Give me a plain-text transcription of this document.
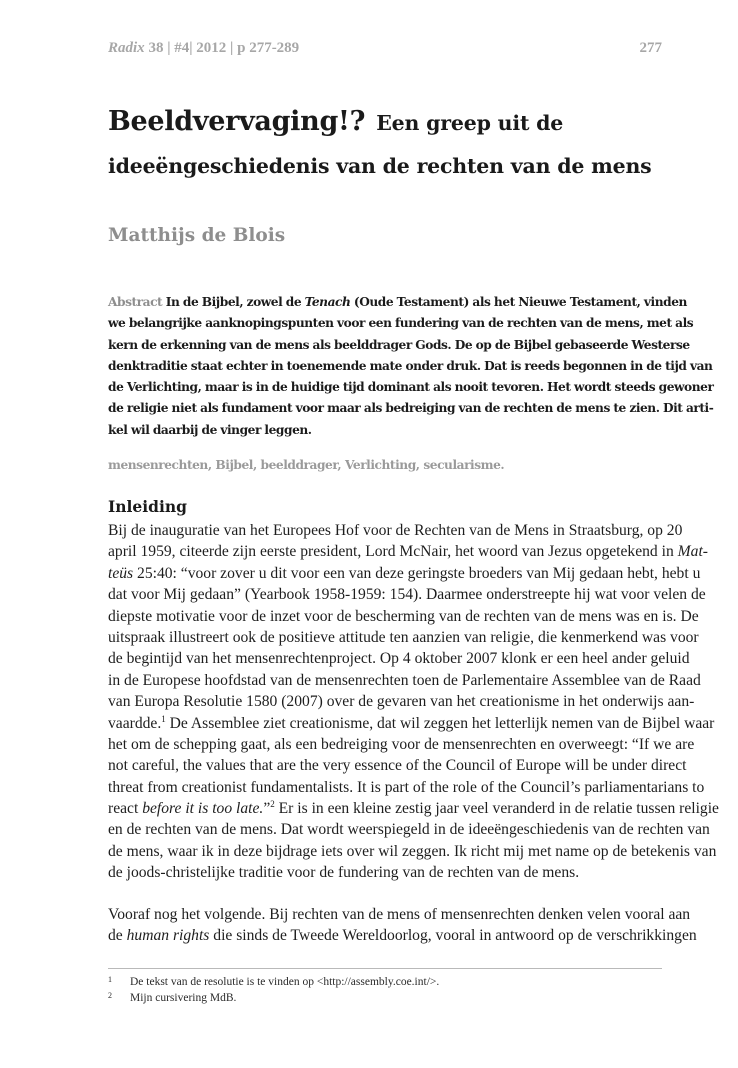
Radix 38 | #4| 2012 | p 277-289	277
Beeldvervaging!? Een greep uit de
ideeëngeschiedenis van de rechten van de mens
Matthijs de Blois
Abstract In de Bijbel, zowel de Tenach (Oude Testament) als het Nieuwe Testament, vinden
we belangrijke aanknopingspunten voor een fundering van de rechten van de mens, met als
kern de erkenning van de mens als beelddrager Gods. De op de Bijbel gebaseerde Westerse
denktraditie staat echter in toenemende mate onder druk. Dat is reeds begonnen in de tijd van
de Verlichting, maar is in de huidige tijd dominant als nooit tevoren. Het wordt steeds gewoner
de religie niet als fundament voor maar als bedreiging van de rechten de mens te zien. Dit arti-
kel wil daarbij de vinger leggen.
mensenrechten, Bijbel, beelddrager, Verlichting, secularisme.
Inleiding
Bij de inauguratie van het Europees Hof voor de Rechten van de Mens in Straatsburg, op 20
april 1959, citeerde zijn eerste president, Lord McNair, het woord van Jezus opgetekend in Mat-
teüs 25:40: “voor zover u dit voor een van deze geringste broeders van Mij gedaan hebt, hebt u
dat voor Mij gedaan” (Yearbook 1958-1959: 154). Daarmee onderstreepte hij wat voor velen de
diepste motivatie voor de inzet voor de bescherming van de rechten van de mens was en is. De
uitspraak illustreert ook de positieve attitude ten aanzien van religie, die kenmerkend was voor
de begintijd van het mensenrechtenproject. Op 4 oktober 2007 klonk er een heel ander geluid
in de Europese hoofdstad van de mensenrechten toen de Parlementaire Assemblee van de Raad
van Europa Resolutie 1580 (2007) over de gevaren van het creationisme in het onderwijs aan-
vaardde.$^1$ De Assemblee ziet creationisme, dat wil zeggen het letterlijk nemen van de Bijbel waar
het om de schepping gaat, als een bedreiging voor de mensenrechten en overweegt: “If we are
not careful, the values that are the very essence of the Council of Europe will be under direct
threat from creationist fundamentalists. It is part of the role of the Council’s parliamentarians to
react before it is too late.”$^2$ Er is in een kleine zestig jaar veel veranderd in de relatie tussen religie
en de rechten van de mens. Dat wordt weerspiegeld in de ideeëngeschiedenis van de rechten van
de mens, waar ik in deze bijdrage iets over wil zeggen. Ik richt mij met name op de betekenis van
de joods-christelijke traditie voor de fundering van de rechten van de mens.
Vooraf nog het volgende. Bij rechten van de mens of mensenrechten denken velen vooral aan
de human rights die sinds de Tweede Wereldoorlog, vooral in antwoord op de verschrikkingen
1 De tekst van de resolutie is te vinden op <http://assembly.coe.int/>.
2 Mijn cursivering MdB.
